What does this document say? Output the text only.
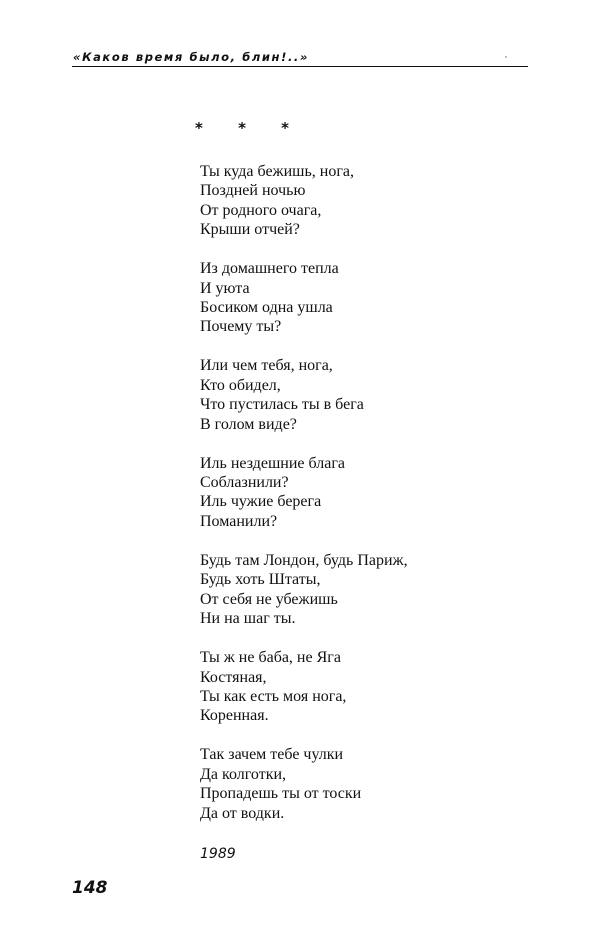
«Каков время было, блин!..»	'
* * *
Ты куда бежишь, нога,
Поздней ночью
От родного очага,
Крыши отчей?
Из домашнего тепла
И уюта
Босиком одна ушла
Почему ты?
Или чем тебя, нога,
Кто обидел,
Что пустилась ты в бега
В голом виде?
Иль нездешние блага
Соблазнили?
Иль чужие берега
Поманили?
Будь там Лондон, будь Париж,
Будь хоть Штаты,
От себя не убежишь
Ни на шаг ты.
Ты ж не баба, не Яга
Костяная,
Ты как есть моя нога,
Коренная.
Так зачем тебе чулки
Да колготки,
Пропадешь ты от тоски
Да от водки.
1989
148
